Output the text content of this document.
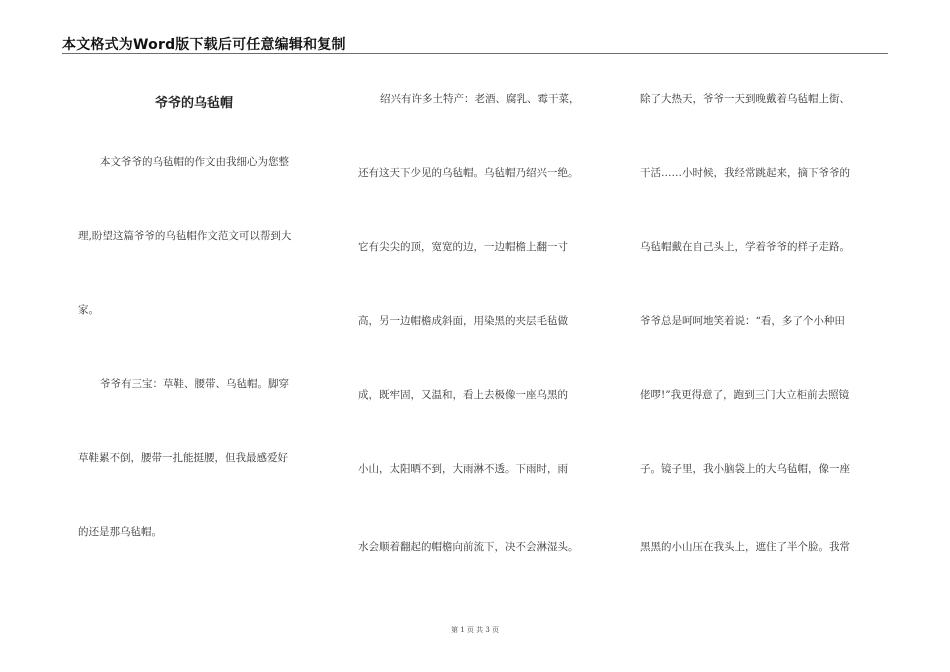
本文格式为Word版下载后可任意编辑和复制
爷爷的乌毡帽
本文爷爷的乌毡帽的作文由我细心为您整
理,盼望这篇爷爷的乌毡帽作文范文可以帮到大
家。
爷爷有三宝：草鞋、腰带、乌毡帽。脚穿
草鞋累不倒，腰带一扎能挺腰，但我最感爱好
的还是那乌毡帽。
绍兴有许多土特产：老酒、腐乳、霉干菜，
还有这天下少见的乌毡帽。乌毡帽乃绍兴一绝。
它有尖尖的顶，宽宽的边，一边帽檐上翻一寸
高，另一边帽檐成斜面，用染黑的夹层毛毡做
成，既牢固，又温和，看上去极像一座乌黑的
小山，太阳晒不到，大雨淋不透。下雨时，雨
水会顺着翻起的帽檐向前流下，决不会淋湿头。
除了大热天，爷爷一天到晚戴着乌毡帽上街、
干活……小时候，我经常跳起来，摘下爷爷的
乌毡帽戴在自己头上，学着爷爷的样子走路。
爷爷总是呵呵地笑着说：“看，多了个小种田
佬啰!”我更得意了，跑到三门大立柜前去照镜
子。镜子里，我小脑袋上的大乌毡帽，像一座
黑黑的小山压在我头上，遮住了半个脸。我常
第 1 页 共 3 页
